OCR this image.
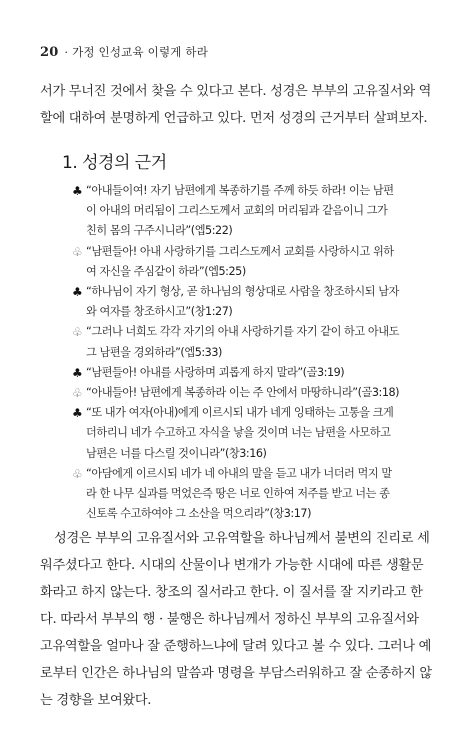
20 · 가정 인성교육 이렇게 하라
서가 무너진 것에서 찾을 수 있다고 본다. 성경은 부부의 고유질서와 역
할에 대하여 분명하게 언급하고 있다. 먼저 성경의 근거부터 살펴보자.
1. 성경의 근거
♣ “아내들이여! 자기 남편에게 복종하기를 주께 하듯 하라! 이는 남편
이 아내의 머리됨이 그리스도께서 교회의 머리됨과 같음이니 그가
친히 몸의 구주시니라”(엡5:22)
♧ “남편들아! 아내 사랑하기를 그리스도께서 교회를 사랑하시고 위하
여 자신을 주심같이 하라”(엡5:25)
♣ “하나님이 자기 형상, 곧 하나님의 형상대로 사람을 창조하시되 남자
와 여자를 창조하시고”(창1:27)
♧ “그러나 너희도 각각 자기의 아내 사랑하기를 자기 같이 하고 아내도
그 남편을 경외하라”(엡5:33)
♣ “남편들아! 아내를 사랑하며 괴롭게 하지 말라”(골3:19)
♧ “아내들아! 남편에게 복종하라 이는 주 안에서 마땅하니라”(골3:18)
♣ “또 내가 여자(아내)에게 이르시되 내가 네게 잉태하는 고통을 크게
더하리니 네가 수고하고 자식을 낳을 것이며 너는 남편을 사모하고
남편은 너를 다스릴 것이니라”(창3:16)
♧ “아담에게 이르시되 네가 네 아내의 말을 듣고 내가 너더러 먹지 말
라 한 나무 실과를 먹었은즉 땅은 너로 인하여 저주를 받고 너는 종
신토록 수고하여야 그 소산을 먹으리라”(창3:17)
성경은 부부의 고유질서와 고유역할을 하나님께서 불변의 진리로 세
워주셨다고 한다. 시대의 산물이나 변개가 가능한 시대에 따른 생활문
화라고 하지 않는다. 창조의 질서라고 한다. 이 질서를 잘 지키라고 한
다. 따라서 부부의 행 · 불행은 하나님께서 정하신 부부의 고유질서와
고유역할을 얼마나 잘 준행하느냐에 달려 있다고 볼 수 있다. 그러나 예
로부터 인간은 하나님의 말씀과 명령을 부담스러워하고 잘 순종하지 않
는 경향을 보여왔다.
